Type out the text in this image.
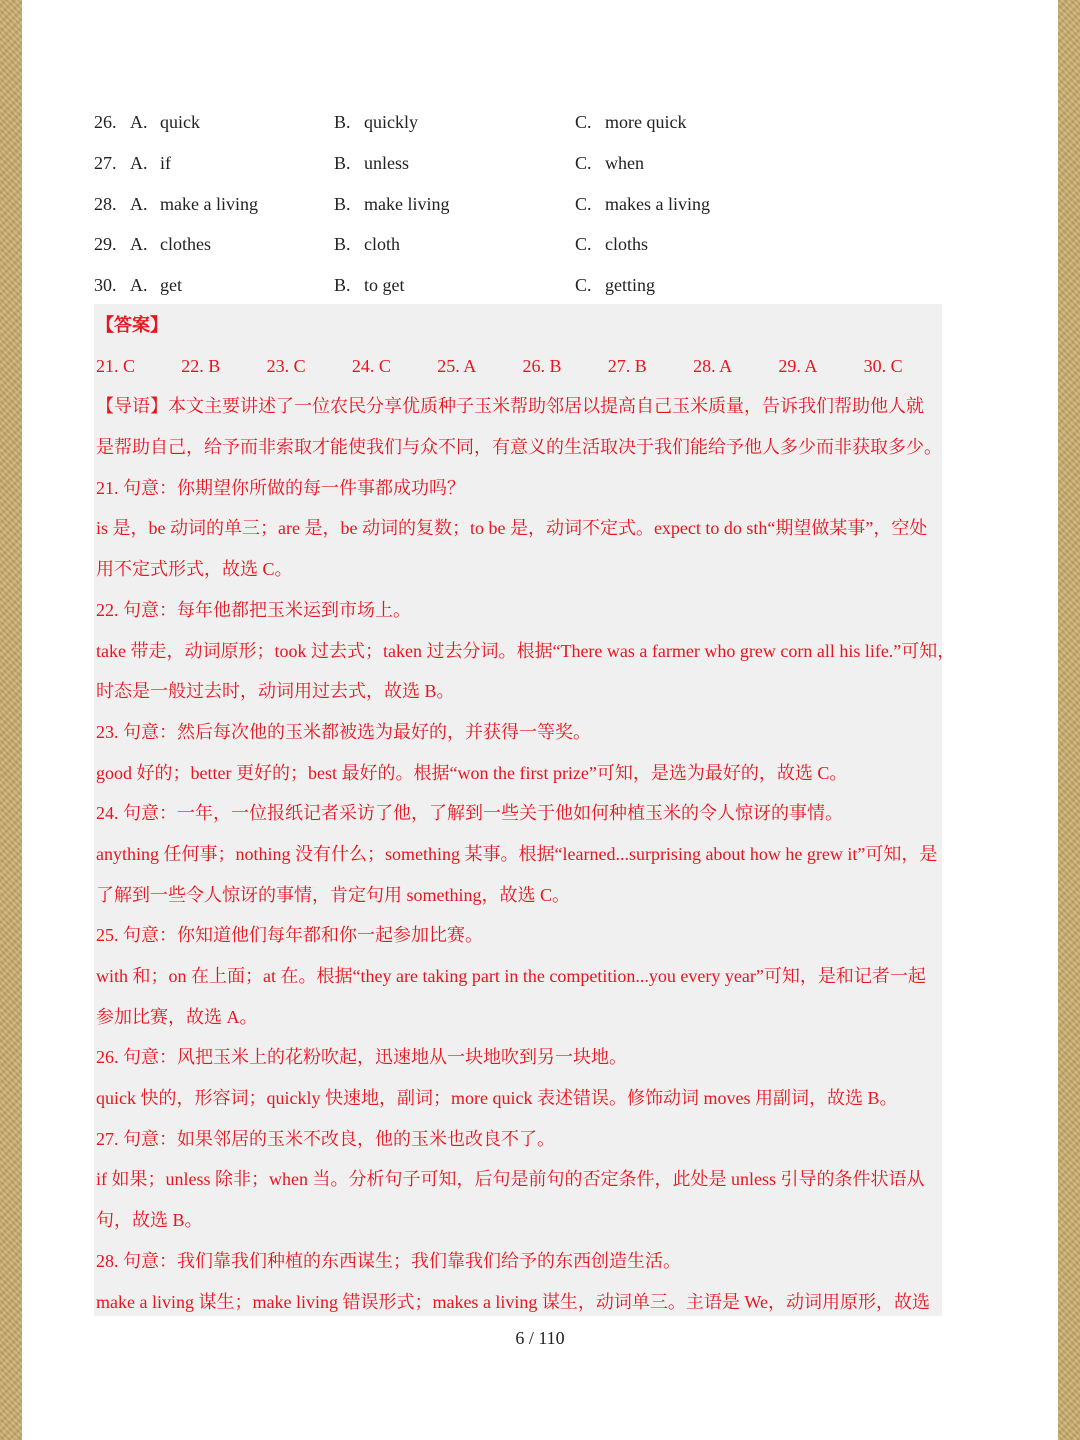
26. A. quick	B. quickly	C. more quick
27. A. if	B. unless	C. when
28. A. make a living	B. make living	C. makes a living
29. A. clothes	B. cloth	C. cloths
30. A. get	B. to get	C. getting
【答案】
21. C	22. B	23. C	24. C	25. A	26. B	27. B	28. A	29. A	30. C
【导语】本文主要讲述了一位农民分享优质种子玉米帮助邻居以提高自己玉米质量，告诉我们帮助他人就
是帮助自己，给予而非索取才能使我们与众不同，有意义的生活取决于我们能给予他人多少而非获取多少。
21. 句意：你期望你所做的每一件事都成功吗？
is 是，be 动词的单三；are 是，be 动词的复数；to be 是，动词不定式。expect to do sth“期望做某事”，空处
用不定式形式，故选 C。
22. 句意：每年他都把玉米运到市场上。
take 带走，动词原形；took 过去式；taken 过去分词。根据“There was a farmer who grew corn all his life.”可知，
时态是一般过去时，动词用过去式，故选 B。
23. 句意：然后每次他的玉米都被选为最好的，并获得一等奖。
good 好的；better 更好的；best 最好的。根据“won the first prize”可知，是选为最好的，故选 C。
24. 句意：一年，一位报纸记者采访了他，了解到一些关于他如何种植玉米的令人惊讶的事情。
anything 任何事；nothing 没有什么；something 某事。根据“learned...surprising about how he grew it”可知，是
了解到一些令人惊讶的事情，肯定句用 something，故选 C。
25. 句意：你知道他们每年都和你一起参加比赛。
with 和；on 在上面；at 在。根据“they are taking part in the competition...you every year”可知，是和记者一起
参加比赛，故选 A。
26. 句意：风把玉米上的花粉吹起，迅速地从一块地吹到另一块地。
quick 快的，形容词；quickly 快速地，副词；more quick 表述错误。修饰动词 moves 用副词，故选 B。
27. 句意：如果邻居的玉米不改良，他的玉米也改良不了。
if 如果；unless 除非；when 当。分析句子可知，后句是前句的否定条件，此处是 unless 引导的条件状语从
句，故选 B。
28. 句意：我们靠我们种植的东西谋生；我们靠我们给予的东西创造生活。
make a living 谋生；make living 错误形式；makes a living 谋生，动词单三。主语是 We，动词用原形，故选
6 / 110
